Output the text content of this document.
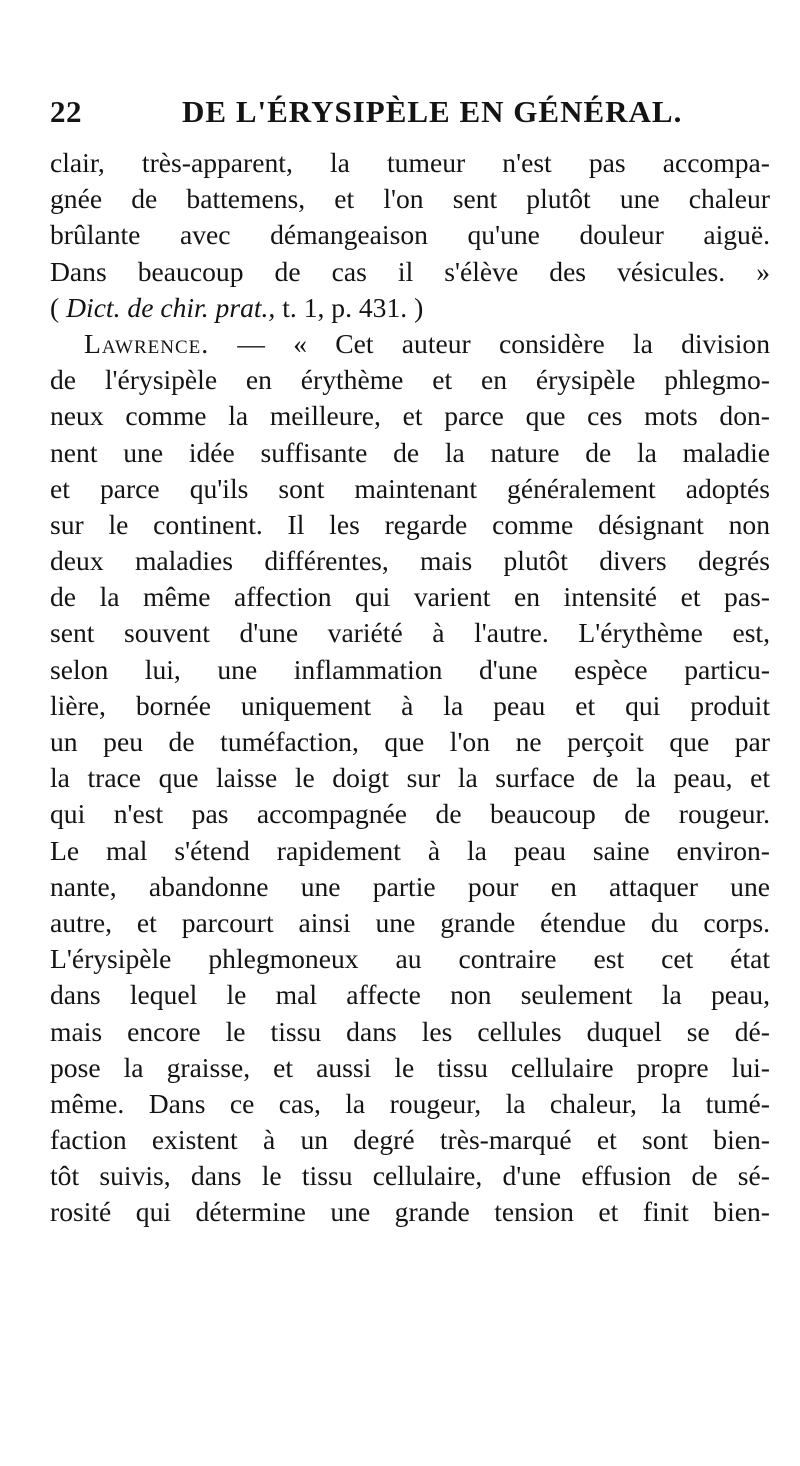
22	DE L'ÉRYSIPÈLE EN GÉNÉRAL.
clair, très-apparent, la tumeur n'est pas accompa-
gnée de battemens, et l'on sent plutôt une chaleur
brûlante avec démangeaison qu'une douleur aiguë.
Dans beaucoup de cas il s'élève des vésicules. »
( Dict. de chir. prat., t. 1, p. 431. )
Lawrence. — « Cet auteur considère la division
de l'érysipèle en érythème et en érysipèle phlegmo-
neux comme la meilleure, et parce que ces mots don-
nent une idée suffisante de la nature de la maladie
et parce qu'ils sont maintenant généralement adoptés
sur le continent. Il les regarde comme désignant non
deux maladies différentes, mais plutôt divers degrés
de la même affection qui varient en intensité et pas-
sent souvent d'une variété à l'autre. L'érythème est,
selon lui, une inflammation d'une espèce particu-
lière, bornée uniquement à la peau et qui produit
un peu de tuméfaction, que l'on ne perçoit que par
la trace que laisse le doigt sur la surface de la peau, et
qui n'est pas accompagnée de beaucoup de rougeur.
Le mal s'étend rapidement à la peau saine environ-
nante, abandonne une partie pour en attaquer une
autre, et parcourt ainsi une grande étendue du corps.
L'érysipèle phlegmoneux au contraire est cet état
dans lequel le mal affecte non seulement la peau,
mais encore le tissu dans les cellules duquel se dé-
pose la graisse, et aussi le tissu cellulaire propre lui-
même. Dans ce cas, la rougeur, la chaleur, la tumé-
faction existent à un degré très-marqué et sont bien-
tôt suivis, dans le tissu cellulaire, d'une effusion de sé-
rosité qui détermine une grande tension et finit bien-
